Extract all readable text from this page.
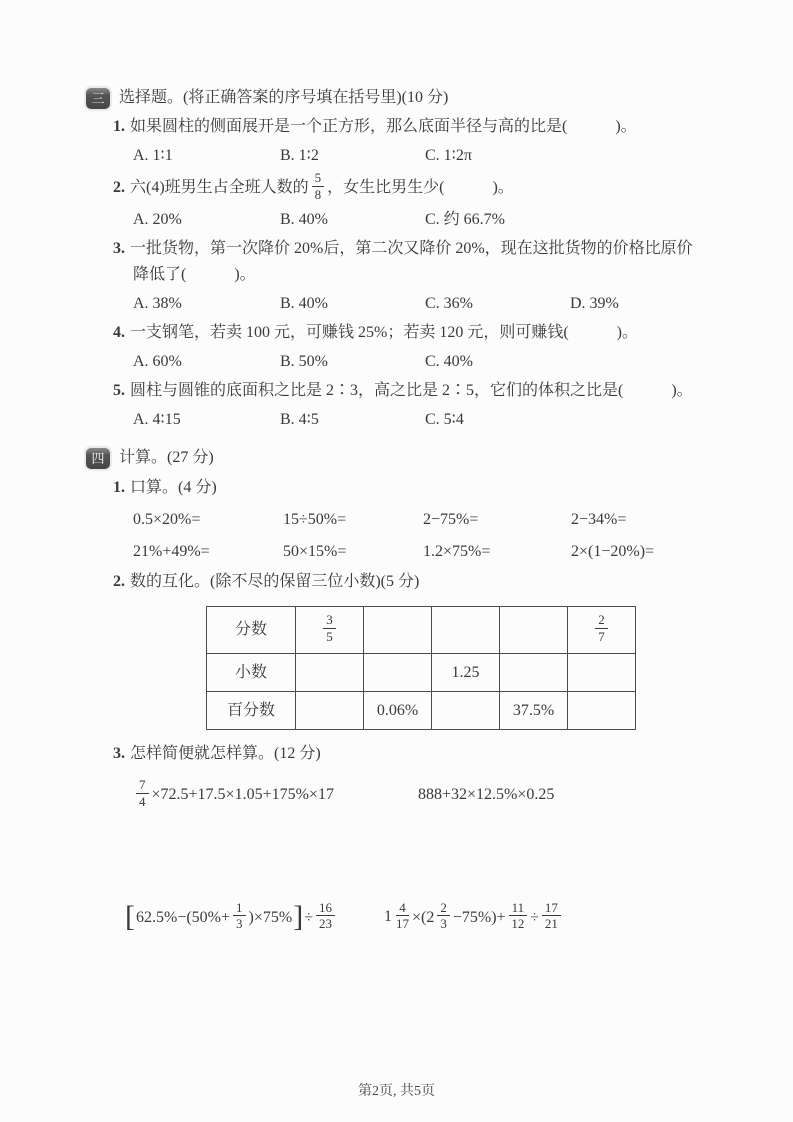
三 选择题。(将正确答案的序号填在括号里)(10 分)
1. 如果圆柱的侧面展开是一个正方形，那么底面半径与高的比是(　　　)。
A. 1∶1	B. 1∶2	C. 1∶2π
2. 六(4)班男生占全班人数的 $\frac{5}{8}$ ，女生比男生少(　　　)。
A. 20%	B. 40%	C. 约 66.7%
3. 一批货物，第一次降价 20%后，第二次又降价 20%，现在这批货物的价格比原价
降低了(　　　)。
A. 38%	B. 40%	C. 36%	D. 39%
4. 一支钢笔，若卖 100 元，可赚钱 25%；若卖 120 元，则可赚钱(　　　)。
A. 60%	B. 50%	C. 40%
5. 圆柱与圆锥的底面积之比是 2∶3，高之比是 2∶5，它们的体积之比是(　　　)。
A. 4∶15	B. 4∶5	C. 5∶4
四 计算。(27 分)
1. 口算。(4 分)
0.5×20%=	15÷50%=	2−75%=	2−34%=
21%+49%=	50×15%=	1.2×75%=	2×(1−20%)=
2. 数的互化。(除不尽的保留三位小数)(5 分)
分数	$\frac{3}{5}$				$\frac{2}{7}$

小数			1.25		
百分数		0.06%		37.5%	
3. 怎样简便就怎样算。(12 分)
$\frac{7}{4} \times 72.5+17.5\times 1.05+175\%\times 17$	888+32×12.5%×0.25
$[62.5\%-(50\%+ \frac{1}{3} )\times 75\%]\div \frac{16}{23}$	$1 \frac{4}{17} \times(2 \frac{2}{3} -75\%)+ \frac{11}{12} \div \frac{17}{21}$
第2页, 共5页
